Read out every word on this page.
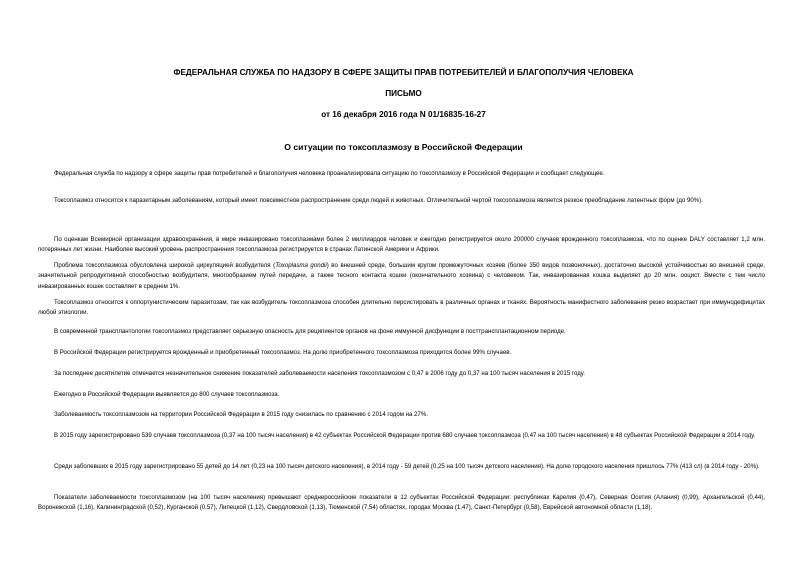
ФЕДЕРАЛЬНАЯ СЛУЖБА ПО НАДЗОРУ В СФЕРЕ ЗАЩИТЫ ПРАВ ПОТРЕБИТЕЛЕЙ И БЛАГОПОЛУЧИЯ ЧЕЛОВЕКА
ПИСЬМО
от 16 декабря 2016 года N 01/16835-16-27
О ситуации по токсоплазмозу в Российской Федерации

Федеральная служба по надзору в сфере защиты прав потребителей и благополучия человека проанализировала ситуацию по токсоплазмозу в Российской Федерации и сообщает следующее.

Токсоплазмоз относится к паразитарным заболеваниям, который имеет повсеместное распространение среди людей и животных. Отличительной чертой токсоплазмоза является резкое преобладание латентных форм (до 90%).

По оценкам Всемирной организации здравоохранения, в мире инвазировано токсоплазмами более 2 миллиардов человек и ежегодно регистрируется около 200000 случаев врожденного токсоплазмоза, что по оценке DALY составляет 1,2 млн. потерянных лет жизни. Наиболее высокий уровень распространения токсоплазмоза регистрируется в странах Латинской Америки и Африки.

Проблема токсоплазмоза обусловлена широкой циркуляцией возбудителя (Toxoplasma gondii) во внешней среде, большим кругом промежуточных хозяев (более 350 видов позвоночных), достаточно высокой устойчивостью во внешней среде, значительной репродуктивной способностью возбудителя, многообразием путей передачи, а также тесного контакта кошки (окончательного хозяина) с человеком. Так, инвазированная кошка выделяет до 20 млн. ооцист. Вместе с тем число инвазированных кошек составляет в среднем 1%.

Токсоплазмоз относится к оппортунистическим паразитозам, так как возбудитель токсоплазмоза способен длительно персистировать в различных органах и тканях. Вероятность манифестного заболевания резко возрастает при иммунодефицитах любой этиологии.

В современной трансплантологии токсоплазмоз представляет серьезную опасность для реципиентов органов на фоне иммунной дисфункции в посттрансплантационном периоде.

В Российской Федерации регистрируется врожденный и приобретенный токсоплазмоз. На долю приобретенного токсоплазмоза приходится более 99% случаев.

За последнее десятилетие отмечается незначительное снижение показателей заболеваемости населения токсоплазмозом с 0,47 в 2006 году до 0,37 на 100 тысяч населения в 2015 году.

Ежегодно в Российской Федерации выявляется до 800 случаев токсоплазмоза.

Заболеваемость токсоплазмозом на территории Российской Федерации в 2015 году снизилась по сравнению с 2014 годом на 27%.

В 2015 году зарегистрировано 539 случаев токсоплазмоза (0,37 на 100 тысяч населения) в 42 субъектах Российской Федерации против 680 случаев токсоплазмоза (0,47 на 100 тысяч населения) в 48 субъектах Российской Федерации в 2014 году.

Среди заболевших в 2015 году зарегистрировано 55 детей до 14 лет (0,23 на 100 тысяч детского населения), в 2014 году - 59 детей (0,25 на 100 тысяч детского населения). На долю городского населения пришлось 77% (413 сл) (в 2014 году - 20%).

Показатели заболеваемости токсоплазмозом (на 100 тысяч населения) превышают среднероссийские показатели в 12 субъектах Российской Федерации: республиках Карелия (0,47), Северная Осетия (Алания) (0,99), Архангельской (0,44), Воронежской (1,16), Калининградской (0,52), Курганской (0,57), Липецкой (1,12), Свердловской (1,13), Тюменской (7,54) областях, городах Москва (1,47), Санкт-Петербург (0,58), Еврейской автономной области (1,18).
